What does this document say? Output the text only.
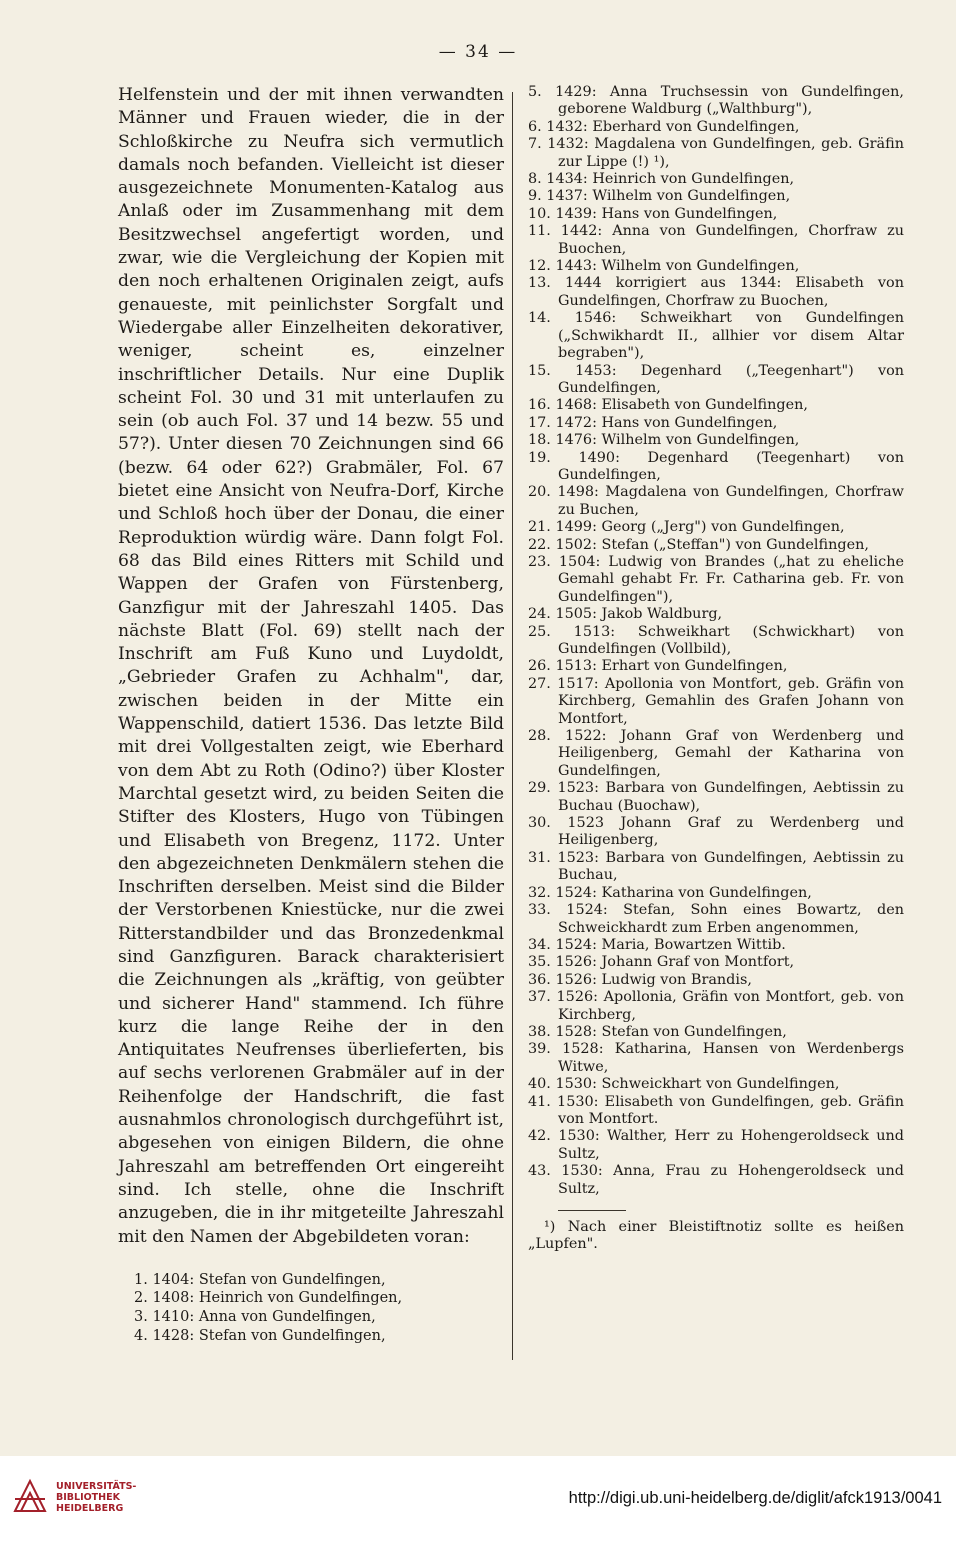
— 34 —

Helfenstein und der mit ihnen verwandten Männer und Frauen wieder, die in der Schloßkirche zu Neufra sich vermutlich damals noch befanden. Vielleicht ist dieser ausgezeichnete Monumenten-Katalog aus Anlaß oder im Zusammenhang mit dem Besitzwechsel angefertigt worden, und zwar, wie die Vergleichung der Kopien mit den noch erhaltenen Originalen zeigt, aufs genaueste, mit peinlichster Sorgfalt und Wiedergabe aller Einzelheiten dekorativer, weniger, scheint es, einzelner inschriftlicher Details. Nur eine Duplik scheint Fol. 30 und 31 mit unterlaufen zu sein (ob auch Fol. 37 und 14 bezw. 55 und 57?). Unter diesen 70 Zeichnungen sind 66 (bezw. 64 oder 62?) Grabmäler, Fol. 67 bietet eine Ansicht von Neufra-Dorf, Kirche und Schloß hoch über der Donau, die einer Reproduktion würdig wäre. Dann folgt Fol. 68 das Bild eines Ritters mit Schild und Wappen der Grafen von Fürstenberg, Ganzfigur mit der Jahreszahl 1405. Das nächste Blatt (Fol. 69) stellt nach der Inschrift am Fuß Kuno und Luydoldt, „Gebrieder Grafen zu Achhalm", dar, zwischen beiden in der Mitte ein Wappenschild, datiert 1536. Das letzte Bild mit drei Vollgestalten zeigt, wie Eberhard von dem Abt zu Roth (Odino?) über Kloster Marchtal gesetzt wird, zu beiden Seiten die Stifter des Klosters, Hugo von Tübingen und Elisabeth von Bregenz, 1172. Unter den abgezeichneten Denkmälern stehen die Inschriften derselben. Meist sind die Bilder der Verstorbenen Kniestücke, nur die zwei Ritterstandbilder und das Bronzedenkmal sind Ganzfiguren. Barack charakterisiert die Zeichnungen als „kräftig, von geübter und sicherer Hand" stammend. Ich führe kurz die lange Reihe der in den Antiquitates Neufrenses überlieferten, bis auf sechs verlorenen Grabmäler auf in der Reihenfolge der Handschrift, die fast ausnahmlos chronologisch durchgeführt ist, abgesehen von einigen Bildern, die ohne Jahreszahl am betreffenden Ort eingereiht sind. Ich stelle, ohne die Inschrift anzugeben, die in ihr mitgeteilte Jahreszahl mit den Namen der Abgebildeten voran:

1. 1404: Stefan von Gundelfingen,
2. 1408: Heinrich von Gundelfingen,
3. 1410: Anna von Gundelfingen,
4. 1428: Stefan von Gundelfingen,
5. 1429: Anna Truchsessin von Gundelfingen, geborene Waldburg („Walthburg"),
6. 1432: Eberhard von Gundelfingen,
7. 1432: Magdalena von Gundelfingen, geb. Gräfin zur Lippe (!) ¹),
8. 1434: Heinrich von Gundelfingen,
9. 1437: Wilhelm von Gundelfingen,
10. 1439: Hans von Gundelfingen,
11. 1442: Anna von Gundelfingen, Chorfraw zu Buochen,
12. 1443: Wilhelm von Gundelfingen,
13. 1444 korrigiert aus 1344: Elisabeth von Gundelfingen, Chorfraw zu Buochen,
14. 1546: Schweikhart von Gundelfingen („Schwikhardt II., allhier vor disem Altar begraben"),
15. 1453: Degenhard („Teegenhart") von Gundelfingen,
16. 1468: Elisabeth von Gundelfingen,
17. 1472: Hans von Gundelfingen,
18. 1476: Wilhelm von Gundelfingen,
19. 1490: Degenhard (Teegenhart) von Gundelfingen,
20. 1498: Magdalena von Gundelfingen, Chorfraw zu Buchen,
21. 1499: Georg („Jerg") von Gundelfingen,
22. 1502: Stefan („Steffan") von Gundelfingen,
23. 1504: Ludwig von Brandes („hat zu eheliche Gemahl gehabt Fr. Fr. Catharina geb. Fr. von Gundelfingen"),
24. 1505: Jakob Waldburg,
25. 1513: Schweikhart (Schwickhart) von Gundelfingen (Vollbild),
26. 1513: Erhart von Gundelfingen,
27. 1517: Apollonia von Montfort, geb. Gräfin von Kirchberg, Gemahlin des Grafen Johann von Montfort,
28. 1522: Johann Graf von Werdenberg und Heiligenberg, Gemahl der Katharina von Gundelfingen,
29. 1523: Barbara von Gundelfingen, Aebtissin zu Buchau (Buochaw),
30. 1523 Johann Graf zu Werdenberg und Heiligenberg,
31. 1523: Barbara von Gundelfingen, Aebtissin zu Buchau,
32. 1524: Katharina von Gundelfingen,
33. 1524: Stefan, Sohn eines Bowartz, den Schweickhardt zum Erben angenommen,
34. 1524: Maria, Bowartzen Wittib.
35. 1526: Johann Graf von Montfort,
36. 1526: Ludwig von Brandis,
37. 1526: Apollonia, Gräfin von Montfort, geb. von Kirchberg,
38. 1528: Stefan von Gundelfingen,
39. 1528: Katharina, Hansen von Werdenbergs Witwe,
40. 1530: Schweickhart von Gundelfingen,
41. 1530: Elisabeth von Gundelfingen, geb. Gräfin von Montfort.
42. 1530: Walther, Herr zu Hohengeroldseck und Sultz,
43. 1530: Anna, Frau zu Hohengeroldseck und Sultz,
¹) Nach einer Bleistiftnotiz sollte es heißen „Lupfen".
UNIVERSITÄTS-
BIBLIOTHEK
HEIDELBERG
http://digi.ub.uni-heidelberg.de/diglit/afck1913/0041
